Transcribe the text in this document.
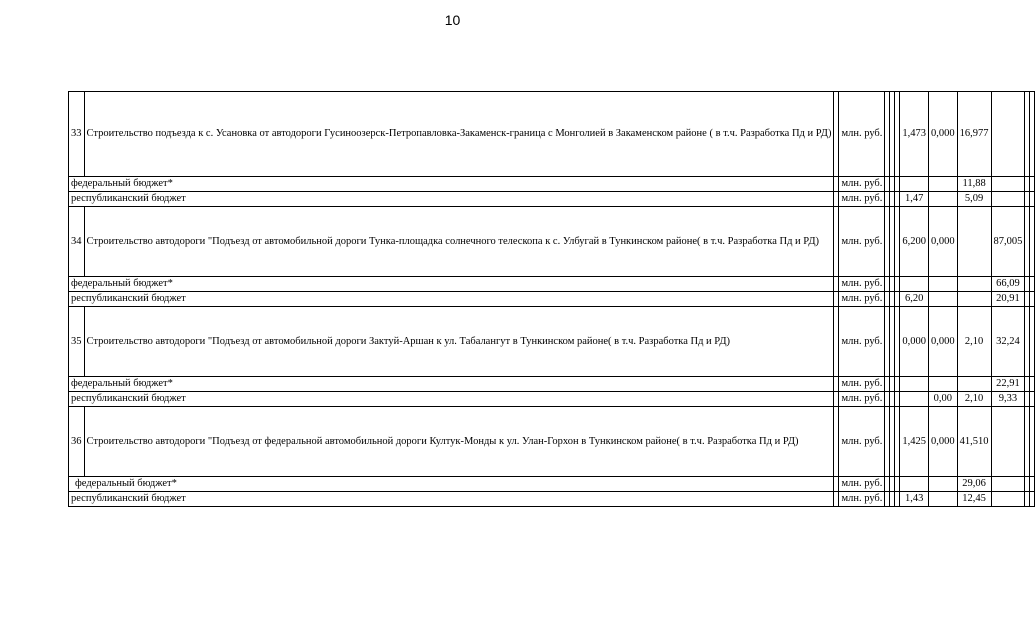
10
33	Строительство подъезда к с. Усановка от автодороги Гусиноозерск-Петропавловка-Закаменск-граница с Монголией в Закаменском районе ( в т.ч. Разработка Пд и РД)		млн. руб.				1,473	0,000	16,977			
федеральный бюджет*			млн. руб.						11,88			
республиканский бюджет			млн. руб.				1,47		5,09			
34	Строительство автодороги "Подъезд от автомобильной дороги Тунка-площадка солнечного телескопа к с. Улбугай в Тункинском районе( в т.ч. Разработка Пд и РД)		млн. руб.				6,200	0,000		87,005		
федеральный бюджет*			млн. руб.							66,09		
республиканский бюджет			млн. руб.				6,20			20,91		
35	Строительство автодороги "Подъезд от автомобильной дороги Зактуй-Аршан к ул. Табалангут в Тункинском районе( в т.ч. Разработка Пд и РД)		млн. руб.				0,000	0,000	2,10	32,24		
федеральный бюджет*			млн. руб.							22,91		
республиканский бюджет			млн. руб.					0,00	2,10	9,33		
36	Строительство автодороги "Подъезд от федеральной автомобильной дороги Култук-Монды к ул. Улан-Горхон в Тункинском районе( в т.ч. Разработка Пд и РД)		млн. руб.				1,425	0,000	41,510			
федеральный бюджет*			млн. руб.						29,06			
республиканский бюджет			млн. руб.				1,43		12,45			
